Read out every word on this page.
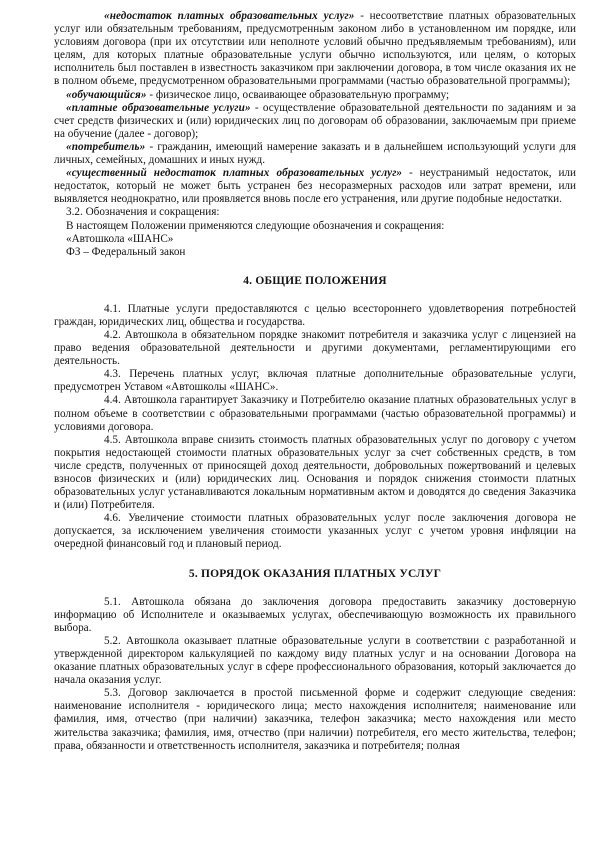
«недостаток платных образовательных услуг» - несоответствие платных образовательных услуг или обязательным требованиям, предусмотренным законом либо в установленном им порядке, или условиям договора (при их отсутствии или неполноте условий обычно предъявляемым требованиям), или целям, для которых платные образовательные услуги обычно используются, или целям, о которых исполнитель был поставлен в известность заказчиком при заключении договора, в том числе оказания их не в полном объеме, предусмотренном образовательными программами (частью образовательной программы);

«обучающийся» - физическое лицо, осваивающее образовательную программу;

«платные образовательные услуги» - осуществление образовательной деятельности по заданиям и за счет средств физических и (или) юридических лиц по договорам об образовании, заключаемым при приеме на обучение (далее - договор);

«потребитель» - гражданин, имеющий намерение заказать и в дальнейшем использующий услуги для личных, семейных, домашних и иных нужд.

«существенный недостаток платных образовательных услуг» - неустранимый недостаток, или недостаток, который не может быть устранен без несоразмерных расходов или затрат времени, или выявляется неоднократно, или проявляется вновь после его устранения, или другие подобные недостатки.

3.2. Обозначения и сокращения:

В настоящем Положении применяются следующие обозначения и сокращения:

«Автошкола «ШАНС»

ФЗ – Федеральный закон

4. ОБЩИЕ ПОЛОЖЕНИЯ

4.1. Платные услуги предоставляются с целью всестороннего удовлетворения потребностей граждан, юридических лиц, общества и государства.

4.2. Автошкола в обязательном порядке знакомит потребителя и заказчика услуг с лицензией на право ведения образовательной деятельности и другими документами, регламентирующими его деятельность.

4.3. Перечень платных услуг, включая платные дополнительные образовательные услуги, предусмотрен Уставом «Автошколы «ШАНС».

4.4. Автошкола гарантирует Заказчику и Потребителю оказание платных образовательных услуг в полном объеме в соответствии с образовательными программами (частью образовательной программы) и условиями договора.

4.5. Автошкола вправе снизить стоимость платных образовательных услуг по договору с учетом покрытия недостающей стоимости платных образовательных услуг за счет собственных средств, в том числе средств, полученных от приносящей доход деятельности, добровольных пожертвований и целевых взносов физических и (или) юридических лиц. Основания и порядок снижения стоимости платных образовательных услуг устанавливаются локальным нормативным актом и доводятся до сведения Заказчика и (или) Потребителя.

4.6. Увеличение стоимости платных образовательных услуг после заключения договора не допускается, за исключением увеличения стоимости указанных услуг с учетом уровня инфляции на очередной финансовый год и плановый период.

5. ПОРЯДОК ОКАЗАНИЯ ПЛАТНЫХ УСЛУГ

5.1. Автошкола обязана до заключения договора предоставить заказчику достоверную информацию об Исполнителе и оказываемых услугах, обеспечивающую возможность их правильного выбора.

5.2. Автошкола оказывает платные образовательные услуги в соответствии с разработанной и утвержденной директором калькуляцией по каждому виду платных услуг и на основании Договора на оказание платных образовательных услуг в сфере профессионального образования, который заключается до начала оказания услуг.

5.3. Договор заключается в простой письменной форме и содержит следующие сведения: наименование исполнителя - юридического лица; место нахождения исполнителя; наименование или фамилия, имя, отчество (при наличии) заказчика, телефон заказчика; место нахождения или место жительства заказчика; фамилия, имя, отчество (при наличии) потребителя, его место жительства, телефон; права, обязанности и ответственность исполнителя, заказчика и потребителя; полная
